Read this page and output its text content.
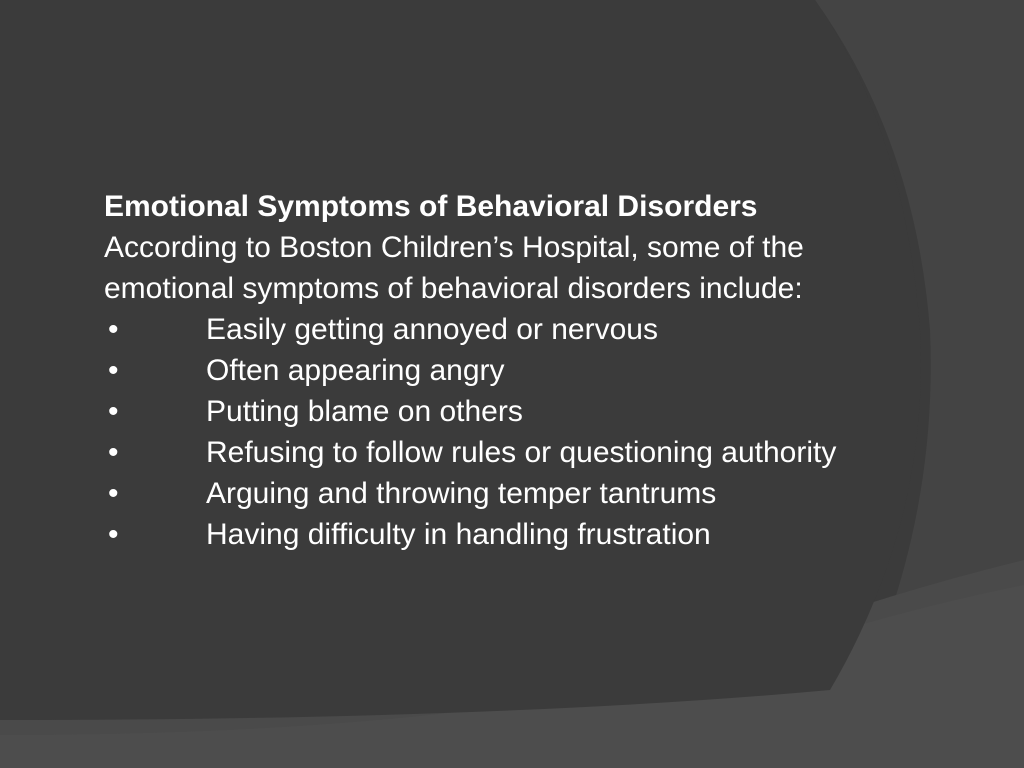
Emotional Symptoms of Behavioral Disorders
According to Boston Children’s Hospital, some of the emotional symptoms of behavioral disorders include:
•	Easily getting annoyed or nervous
•	Often appearing angry
•	Putting blame on others
•	Refusing to follow rules or questioning authority
•	Arguing and throwing temper tantrums
•	Having difficulty in handling frustration
